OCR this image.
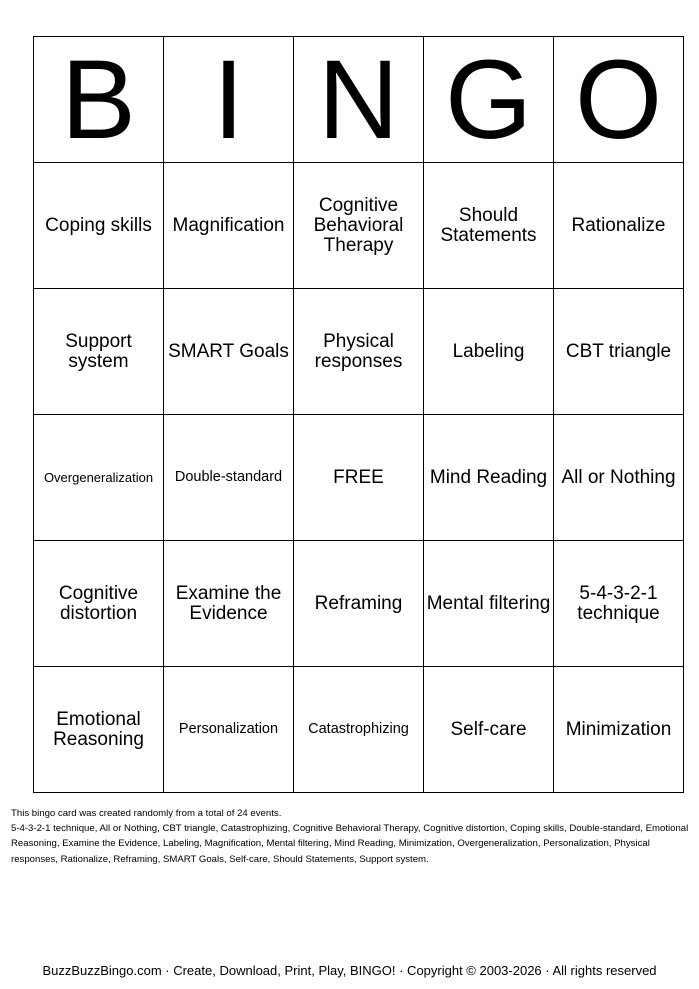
B	I	N	G	O
Coping skills	Magnification	Cognitive Behavioral Therapy	Should Statements	Rationalize
Support system	SMART Goals	Physical responses	Labeling	CBT triangle
Overgeneralization	Double-standard	FREE	Mind Reading	All or Nothing
Cognitive distortion	Examine the Evidence	Reframing	Mental filtering	5-4-3-2-1 technique
Emotional Reasoning	Personalization	Catastrophizing	Self-care	Minimization

This bingo card was created randomly from a total of 24 events.

5-4-3-2-1 technique, All or Nothing, CBT triangle, Catastrophizing, Cognitive Behavioral Therapy, Cognitive distortion, Coping skills, Double-standard, Emotional Reasoning, Examine the Evidence, Labeling, Magnification, Mental filtering, Mind Reading, Minimization, Overgeneralization, Personalization, Physical responses, Rationalize, Reframing, SMART Goals, Self-care, Should Statements, Support system.

BuzzBuzzBingo.com · Create, Download, Print, Play, BINGO! · Copyright © 2003-2026 · All rights reserved
